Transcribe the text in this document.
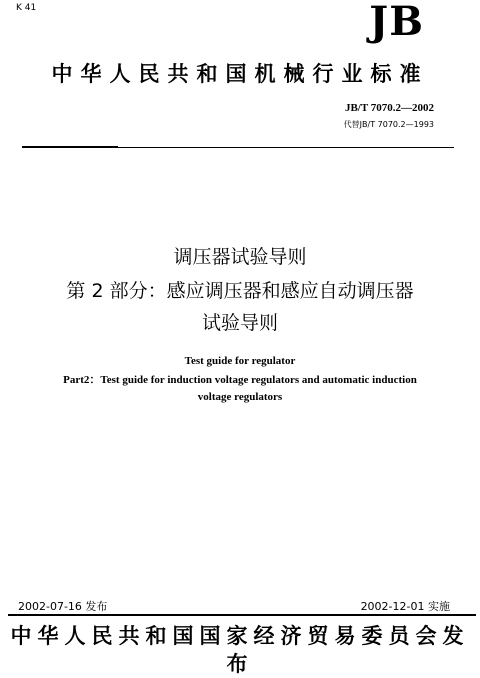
K 41	JB
中华人民共和国机械行业标准
JB/T 7070.2—2002
代替JB/T 7070.2—1993
调压器试验导则
第 2 部分：感应调压器和感应自动调压器
试验导则
Test guide for regulator
Part2：Test guide for induction voltage regulators and automatic induction
voltage regulators
2002-07-16 发布	2002-12-01 实施
中华人民共和国国家经济贸易委员会发布
